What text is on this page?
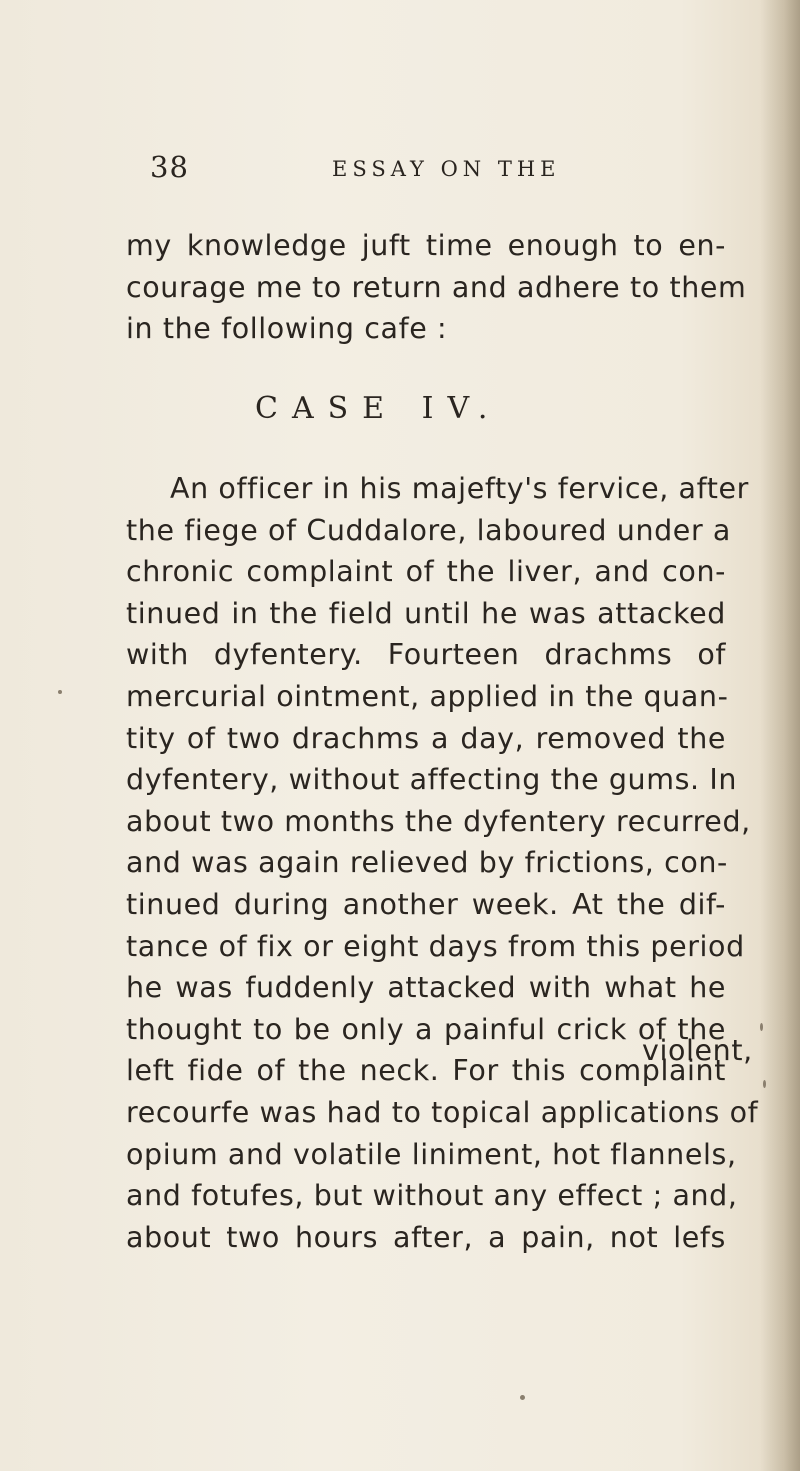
38	ESSAY ON THE
my knowledge juft time enough to en-
courage me to return and adhere to them
in the following cafe :
CASE IV.
An officer in his majefty's fervice, after
the fiege of Cuddalore, laboured under a
chronic complaint of the liver, and con-
tinued in the field until he was attacked
with dyfentery. Fourteen drachms of
mercurial ointment, applied in the quan-
tity of two drachms a day, removed the
dyfentery, without affecting the gums. In
about two months the dyfentery recurred,
and was again relieved by frictions, con-
tinued during another week. At the dif-
tance of fix or eight days from this period
he was fuddenly attacked with what he
thought to be only a painful crick of the
left fide of the neck. For this complaint
recourfe was had to topical applications of
opium and volatile liniment, hot flannels,
and fotufes, but without any effect ; and,
about two hours after, a pain, not lefs
violent,
